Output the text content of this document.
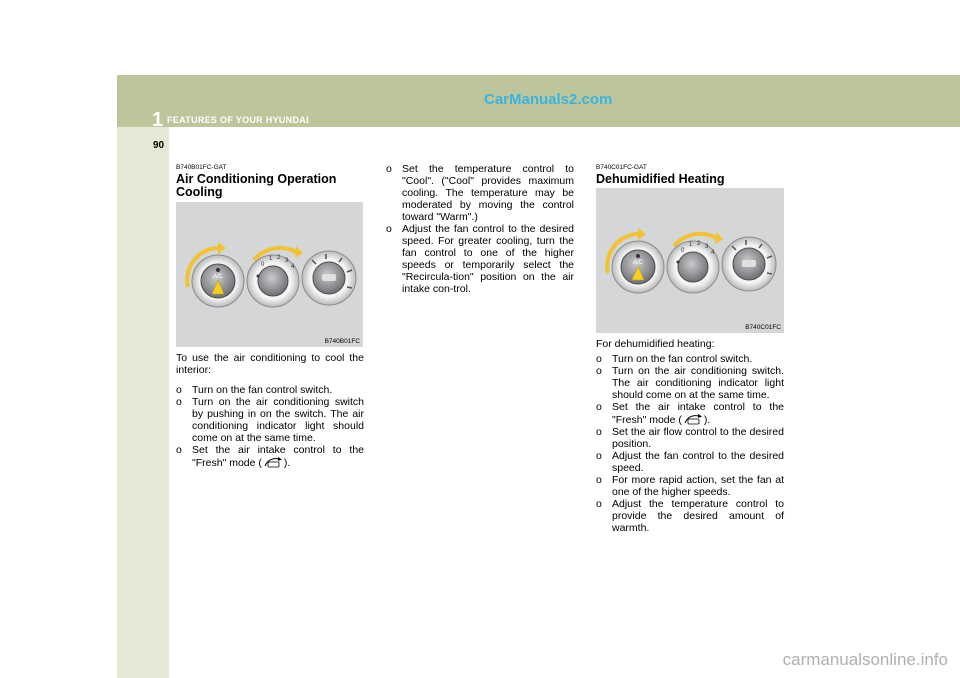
1 FEATURES OF YOUR HYUNDAI
CarManuals2.com
90
B740B01FC-GAT
Air Conditioning Operation
Cooling
A/C
0
1 2 3
4
B740B01FC

To use the air conditioning to cool the interior:

o Turn on the fan control switch.
o Turn on the air conditioning switch by pushing in on the switch. The air conditioning indicator light should come on at the same time.
o Set the air intake control to the "Fresh" mode ( ).
o Set the temperature control to "Cool". ("Cool" provides maximum cooling. The temperature may be moderated by moving the control toward "Warm".)
o Adjust the fan control to the desired speed. For greater cooling, turn the fan control to one of the higher speeds or temporarily select the "Recircula-tion" position on the air intake con-trol.
B740C01FC-GAT
Dehumidified Heating
A/C
0
1 2 3
4
B740C01FC

For dehumidified heating:

o Turn on the fan control switch.
o Turn on the air conditioning switch. The air conditioning indicator light should come on at the same time.
o Set the air intake control to the "Fresh" mode ( ).
o Set the air flow control to the desired position.
o Adjust the fan control to the desired speed.
o For more rapid action, set the fan at one of the higher speeds.
o Adjust the temperature control to provide the desired amount of warmth.
carmanualsonline.info
